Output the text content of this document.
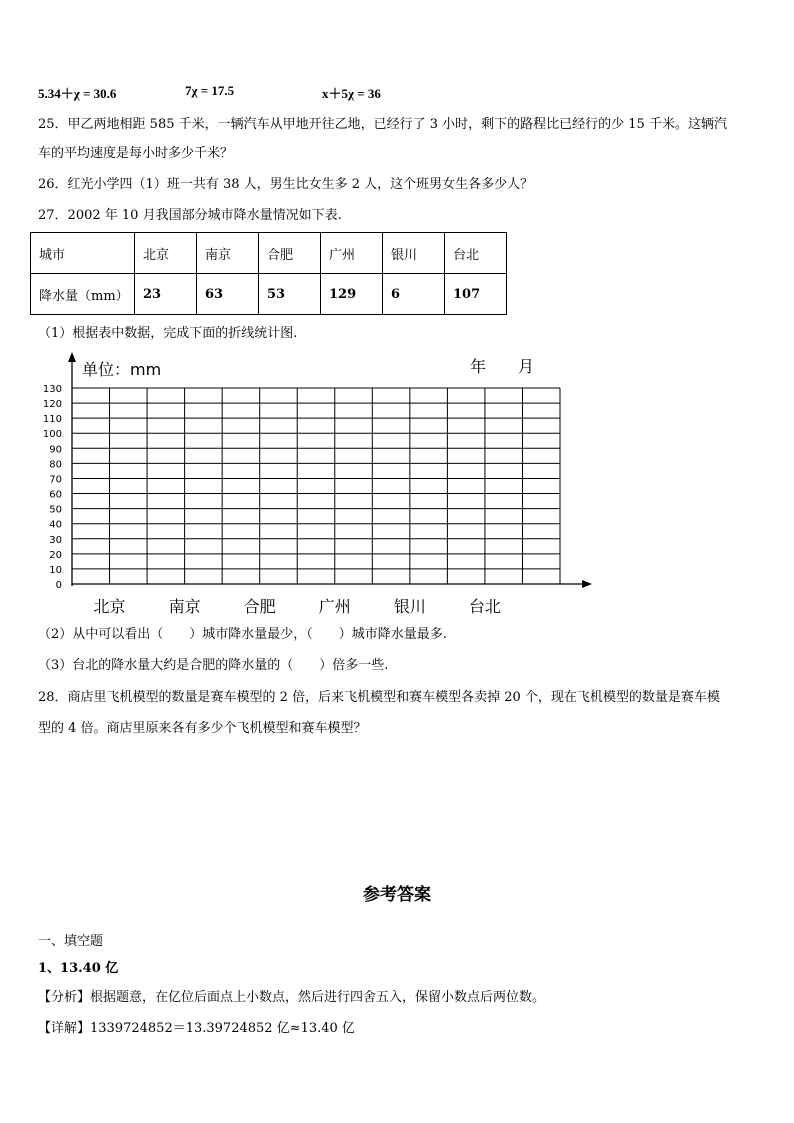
5.34＋χ = 30.6	7χ = 17.5	x＋5χ = 36
25．甲乙两地相距 585 千米，一辆汽车从甲地开往乙地，已经行了 3 小时，剩下的路程比已经行的少 15 千米。这辆汽
车的平均速度是每小时多少千米？
26．红光小学四（1）班一共有 38 人，男生比女生多 2 人，这个班男女生各多少人？
27．2002 年 10 月我国部分城市降水量情况如下表.
城市	北京	南京	合肥	广州	银川	台北
降水量（mm）	23	63	53	129	6	107
（1）根据表中数据，完成下面的折线统计图.
单位：mm	年　　月
0
10
20
30
40
50
60
70
80
90
100
110
120
130
北京	南京	合肥	广州	银川	台北
（2）从中可以看出（　　）城市降水量最少，（　　）城市降水量最多.
（3）台北的降水量大约是合肥的降水量的（　　）倍多一些.
28．商店里飞机模型的数量是赛车模型的 2 倍，后来飞机模型和赛车模型各卖掉 20 个，现在飞机模型的数量是赛车模
型的 4 倍。商店里原来各有多少个飞机模型和赛车模型？
参考答案
一、填空题
1、13.40 亿
【分析】根据题意，在亿位后面点上小数点，然后进行四舍五入，保留小数点后两位数。
【详解】1339724852＝13.39724852 亿≈13.40 亿
